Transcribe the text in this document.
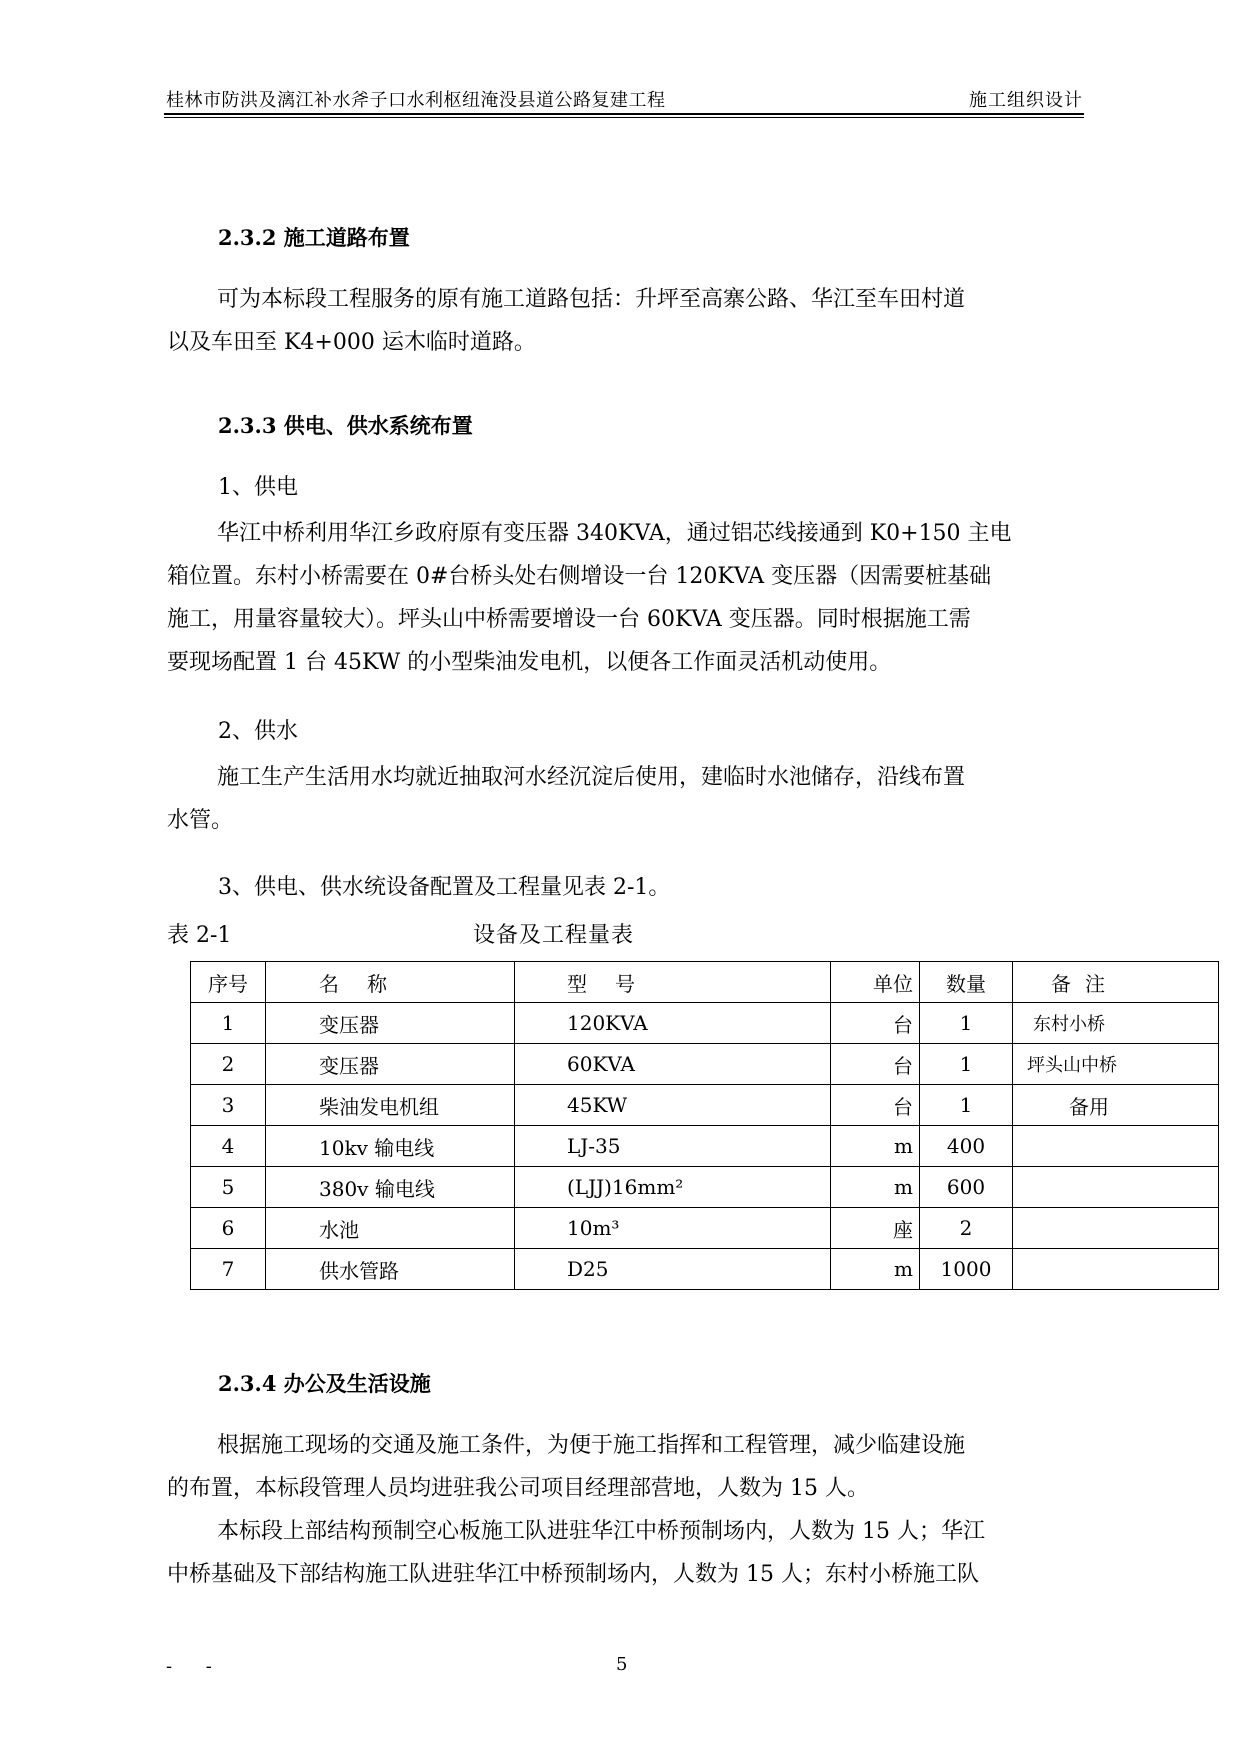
桂林市防洪及漓江补水斧子口水利枢纽淹没县道公路复建工程	施工组织设计
2.3.2 施工道路布置
可为本标段工程服务的原有施工道路包括：升坪至高寨公路、华江至车田村道
以及车田至 K4+000 运木临时道路。
2.3.3 供电、供水系统布置
1、供电
华江中桥利用华江乡政府原有变压器 340KVA，通过铝芯线接通到 K0+150 主电
箱位置。东村小桥需要在 0#台桥头处右侧增设一台 120KVA 变压器（因需要桩基础
施工，用量容量较大）。坪头山中桥需要增设一台 60KVA 变压器。同时根据施工需
要现场配置 1 台 45KW 的小型柴油发电机，以便各工作面灵活机动使用。
2、供水
施工生产生活用水均就近抽取河水经沉淀后使用，建临时水池储存，沿线布置
水管。
3、供电、供水统设备配置及工程量见表 2-1。
表 2-1	设备及工程量表
序号	名称	型号	单位	数量	备注
1	变压器	120KVA	台	1	东村小桥
2	变压器	60KVA	台	1	坪头山中桥
3	柴油发电机组	45KW	台	1	备用
4	10kv 输电线	LJ-35	m	400	
5	380v 输电线	(LJJ)16mm²	m	600	
6	水池	10m³	座	2	
7	供水管路	D25	m	1000	
2.3.4 办公及生活设施
根据施工现场的交通及施工条件，为便于施工指挥和工程管理，减少临建设施
的布置，本标段管理人员均进驻我公司项目经理部营地，人数为 15 人。
本标段上部结构预制空心板施工队进驻华江中桥预制场内，人数为 15 人；华江
中桥基础及下部结构施工队进驻华江中桥预制场内，人数为 15 人；东村小桥施工队
- -	5
